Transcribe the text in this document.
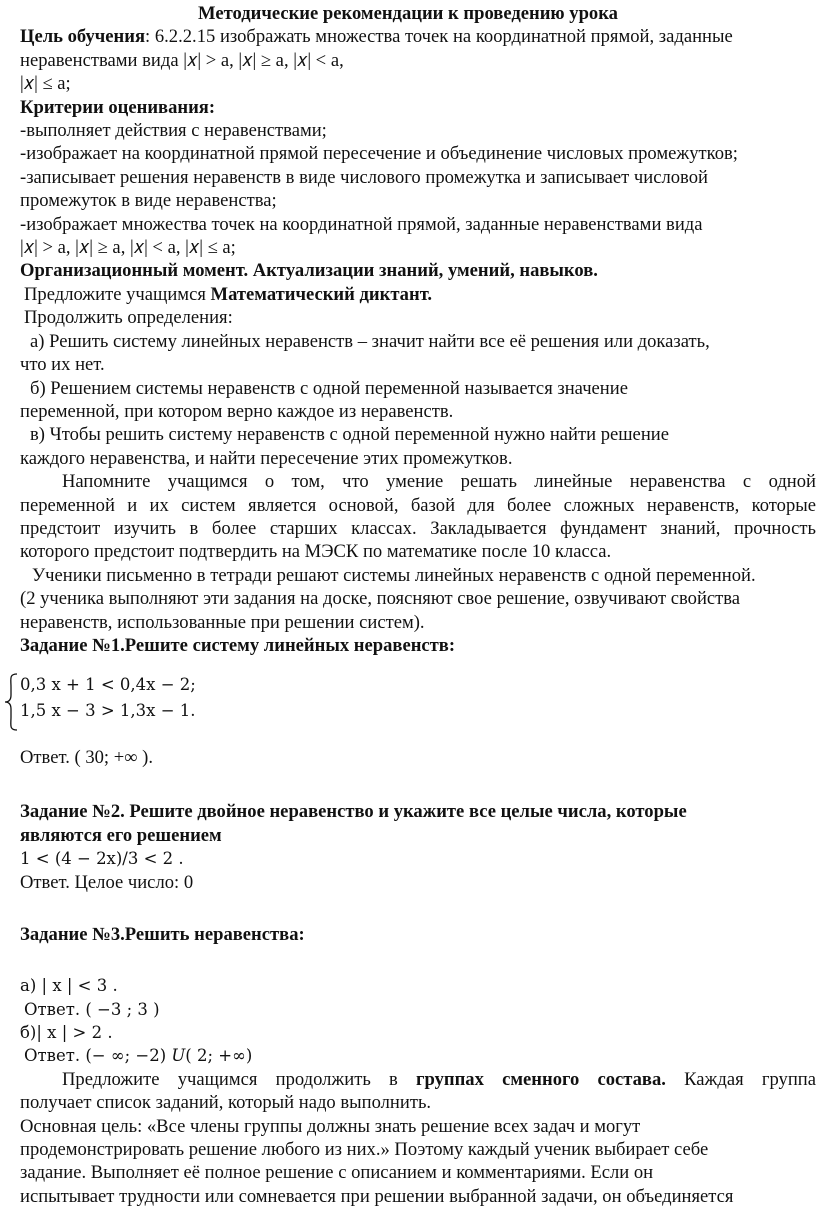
Методические рекомендации к проведению урока
Цель обучения: 6.2.2.15 изображать множества точек на координатной прямой, заданные
неравенствами вида |𝑥| > a, |𝑥| ≥ a, |𝑥| < a,
|𝑥| ≤ a;
Критерии оценивания:
-выполняет действия с неравенствами;
-изображает на координатной прямой пересечение и объединение числовых промежутков;
-записывает решения неравенств в виде числового промежутка и записывает числовой
промежуток в виде неравенства;
-изображает множества точек на координатной прямой, заданные неравенствами вида
|𝑥| > a, |𝑥| ≥ a, |𝑥| < a, |𝑥| ≤ a;
Организационный момент. Актуализации знаний, умений, навыков.
Предложите учащимся Математический диктант.
Продолжить определения:
а) Решить систему линейных неравенств – значит найти все её решения или доказать,
что их нет.
б) Решением системы неравенств с одной переменной называется значение
переменной, при котором верно каждое из неравенств.
в) Чтобы решить систему неравенств с одной переменной нужно найти решение
каждого неравенства, и найти пересечение этих промежутков.
Напомните учащимся о том, что умение решать линейные неравенства с одной
переменной и их систем является основой, базой для более сложных неравенств, которые
предстоит изучить в более старших классах. Закладывается фундамент знаний, прочность
которого предстоит подтвердить на МЭСК по математике после 10 класса.
Ученики письменно в тетради решают системы линейных неравенств с одной переменной.
(2 ученика выполняют эти задания на доске, поясняют свое решение, озвучивают свойства
неравенств, использованные при решении систем).
Задание №1.Решите систему линейных неравенств:
0,3 x + 1 < 0,4x − 2;
1,5 x − 3 > 1,3x − 1.
Ответ. ( 30; +∞ ).
Задание №2. Решите двойное неравенство и укажите все целые числа, которые
являются его решением
1 < (4 − 2x)/3 < 2 .
Ответ. Целое число: 0
Задание №3.Решить неравенства:
а) | x | < 3 .
Ответ. ( −3 ; 3 )
б)| x | > 2 .
Ответ. (− ∞; −2) 𝑈( 2; +∞)
Предложите учащимся продолжить в группах сменного состава. Каждая группа
получает список заданий, который надо выполнить.
Основная цель: «Все члены группы должны знать решение всех задач и могут
продемонстрировать решение любого из них.» Поэтому каждый ученик выбирает себе
задание. Выполняет её полное решение с описанием и комментариями. Если он
испытывает трудности или сомневается при решении выбранной задачи, он объединяется
